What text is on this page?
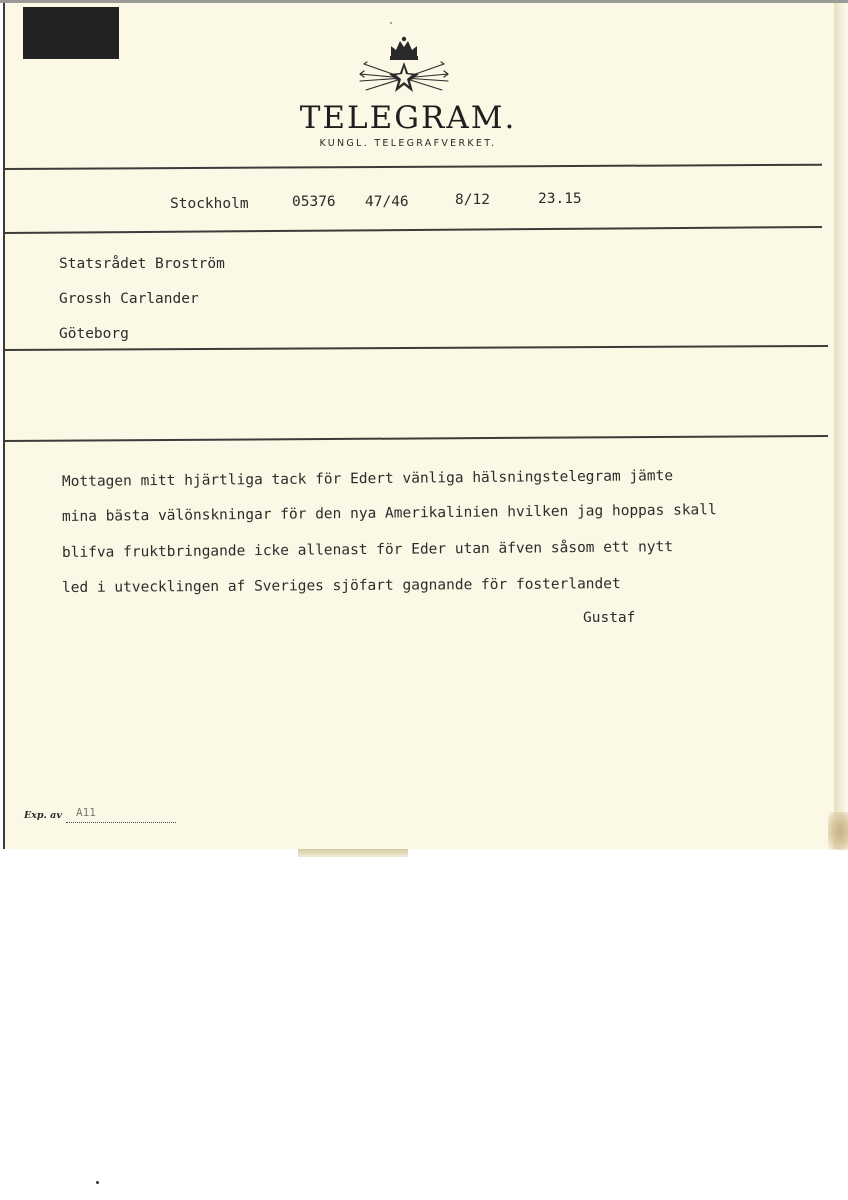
TELEGRAM.
KUNGL. TELEGRAFVERKET.
Stockholm	05376 47/46	8/12	23.15
Statsrådet Broström
Grossh Carlander
Göteborg
Mottagen mitt hjärtliga tack för Edert vänliga hälsningstelegram jämte
mina bästa välönskningar för den nya Amerikalinien hvilken jag hoppas skall
blifva fruktbringande icke allenast för Eder utan äfven såsom ett nytt
led i utvecklingen af Sveriges sjöfart gagnande för fosterlandet
Gustaf
Exp. av A11
